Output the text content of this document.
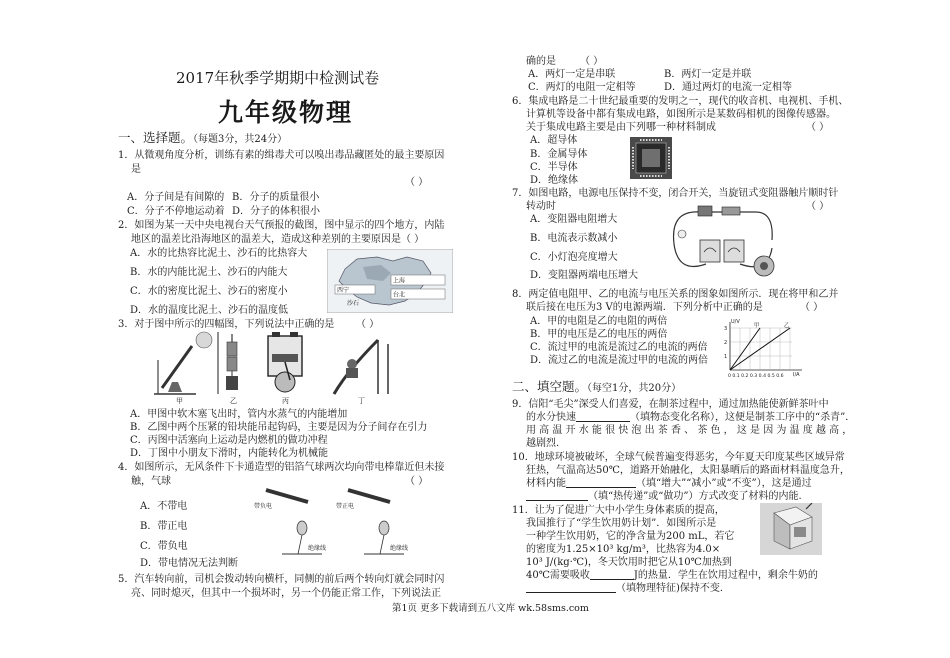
2017年秋季学期期中检测试卷
九年级物理
一、选择题。（每题3分，共24分）
1．从微观角度分析，训练有素的缉毒犬可以嗅出毒品藏匿处的最主要原因
是
（ ）
A．分子间是有间隙的 B．分子的质量很小
C．分子不停地运动着 D．分子的体积很小
2．如图为某一天中央电视台天气预报的截图，图中显示的四个地方，内陆
地区的温差比沿海地区的温差大，造成这种差别的主要原因是（ ）
A．水的比热容比泥土、沙石的比热容大
B．水的内能比泥土、沙石的内能大
C．水的密度比泥土、沙石的密度小
D．水的温度比泥土、沙石的温度低
上海
台北
西宁
沙石
3．对于图中所示的四幅图，下列说法中正确的是 （ ）
甲	乙	丙	丁
A．甲图中软木塞飞出时，管内水蒸气的内能增加
B．乙图中两个压紧的铅块能吊起钩码，主要是因为分子间存在引力
C．丙图中活塞向上运动是内燃机的做功冲程
D．丁图中小朋友下滑时，内能转化为机械能
4．如图所示，无风条件下卡通造型的铝箔气球两次均向带电棒靠近但未接
触，气球	（ ）
A．不带电
B．带正电
C．带负电
D．带电情况无法判断
带负电	带正电
绝缘线	绝缘线
5．汽车转向前，司机会拨动转向横杆，同侧的前后两个转向灯就会同时闪
亮、同时熄灭，但其中一个损坏时，另一个仍能正常工作，下列说法正
确的是 （ ）
A．两灯一定是串联	B．两灯一定是并联
C．两灯的电阻一定相等	D．通过两灯的电流一定相等
6．集成电路是二十世纪最重要的发明之一，现代的收音机、电视机、手机、
计算机等设备中都有集成电路，如图所示是某数码相机的图像传感器。
关于集成电路主要是由下列哪一种材料制成	（ ）
A．超导体
B．金属导体
C．半导体
D．绝缘体
7．如图电路，电源电压保持不变，闭合开关，当旋钮式变阻器触片顺时针
转动时	（ ）
A．变阻器电阻增大
B．电流表示数减小
C．小灯泡亮度增大
D．变阻器两端电压增大
8．两定值电阻甲、乙的电流与电压关系的图象如图所示．现在将甲和乙并
联后接在电压为3 V的电源两端．下列分析中正确的是	（ ）
A．甲的电阻是乙的电阻的两倍
B．甲的电压是乙的电压的两倍
C．流过甲的电流是流过乙的电流的两倍
D．流过乙的电流是流过甲的电流的两倍
甲	乙
U/V
I/A
3
2
1
0 0.1 0.2 0.3 0.4 0.5 0.6
二、填空题。（每空1分，共20分）
9．信阳“毛尖”深受人们喜爱，在制茶过程中，通过加热能使新鲜茶叶中
的水分快速	（填物态变化名称），这便是制茶工序中的“杀青”．
用 高 温 开 水 能 很 快 泡 出 茶 香 、 茶 色 ， 这 是 因 为 温 度 越 高 ，
越剧烈．
10．地球环境被破坏，全球气候普遍变得恶劣，今年夏天印度某些区域异常
狂热，气温高达50℃，道路开始融化，太阳暴晒后的路面材料温度急升，
材料内能	（填“增大”“减小”或“不变”），这是通过
（填“热传递”或“做功”）方式改变了材料的内能.
11．让为了促进广大中小学生身体素质的提高，
我国推行了“学生饮用奶计划”．如图所示是
一种学生饮用奶，它的净含量为200 mL，若它
的密度为1.25×10³ kg/m³，比热容为4.0×
10³ J/(kg·℃)，冬天饮用时把它从10℃加热到
40℃需要吸收	J的热量．学生在饮用过程中，剩余牛奶的
（填物理特征)保持不变．
第1页 更多下载请到五八文库 wk.58sms.com
